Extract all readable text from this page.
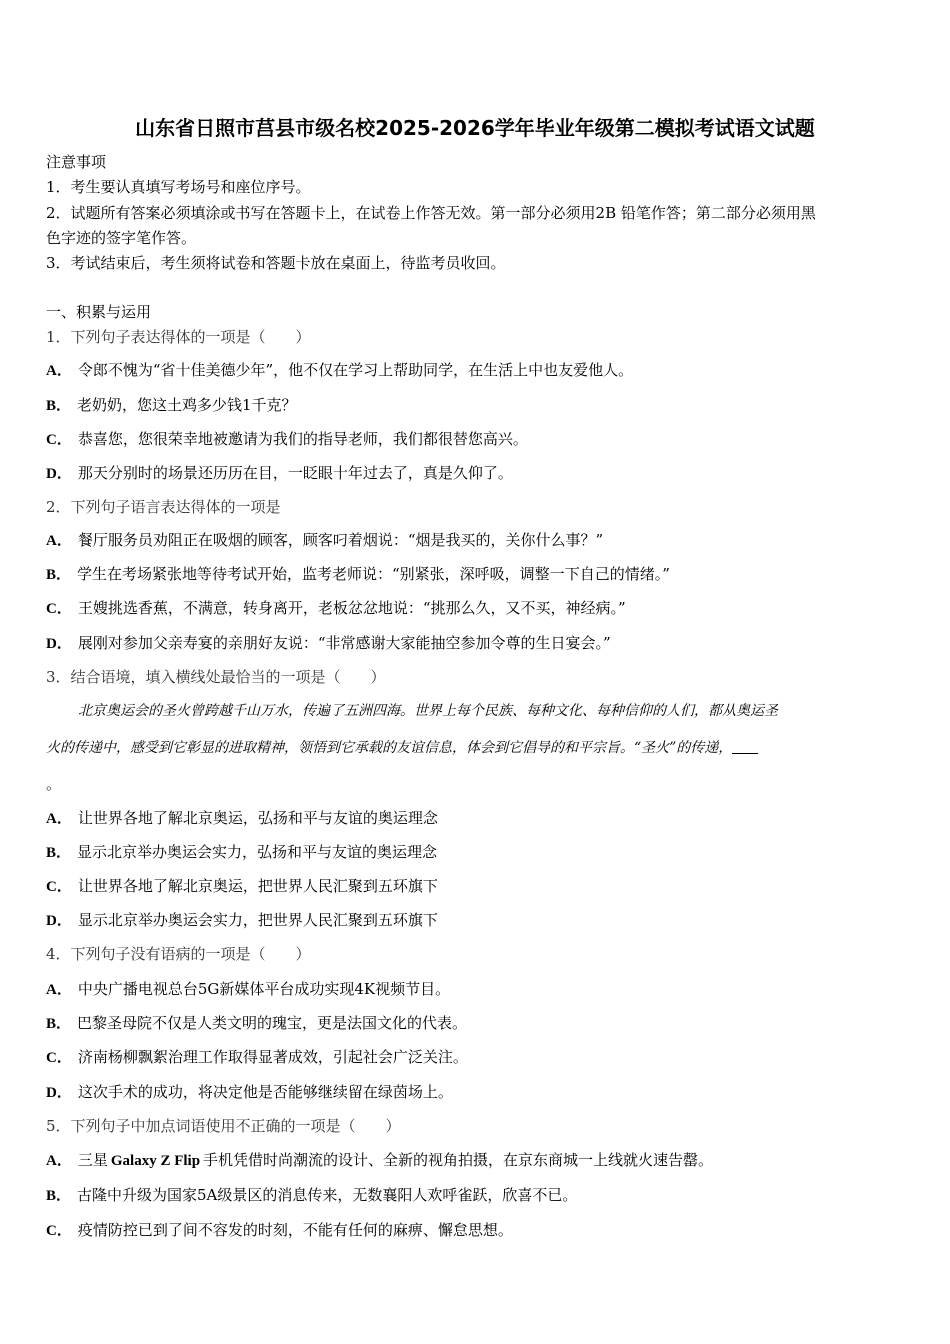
山东省日照市莒县市级名校2025-2026学年毕业年级第二模拟考试语文试题
注意事项
1．考生要认真填写考场号和座位序号。
2．试题所有答案必须填涂或书写在答题卡上，在试卷上作答无效。第一部分必须用2B 铅笔作答；第二部分必须用黑
色字迹的签字笔作答。
3．考试结束后，考生须将试卷和答题卡放在桌面上，待监考员收回。
一、积累与运用
1．下列句子表达得体的一项是（　　）
A． 令郎不愧为“省十佳美德少年”，他不仅在学习上帮助同学，在生活上中也友爱他人。
B． 老奶奶，您这土鸡多少钱1千克？
C． 恭喜您，您很荣幸地被邀请为我们的指导老师，我们都很替您高兴。
D． 那天分别时的场景还历历在目，一眨眼十年过去了，真是久仰了。
2．下列句子语言表达得体的一项是
A． 餐厅服务员劝阻正在吸烟的顾客，顾客叼着烟说：“烟是我买的，关你什么事？”
B． 学生在考场紧张地等待考试开始，监考老师说：“别紧张，深呼吸，调整一下自己的情绪。”
C． 王嫂挑选香蕉，不满意，转身离开，老板忿忿地说：“挑那么久，又不买，神经病。”
D． 展刚对参加父亲寿宴的亲朋好友说：“非常感谢大家能抽空参加令尊的生日宴会。”
3．结合语境，填入横线处最恰当的一项是（　　）
北京奥运会的圣火曾跨越千山万水，传遍了五洲四海。世界上每个民族、每种文化、每种信仰的人们，都从奥运圣
火的传递中，感受到它彰显的进取精神，领悟到它承载的友谊信息，体会到它倡导的和平宗旨。“圣火”的传递，
。
A． 让世界各地了解北京奥运，弘扬和平与友谊的奥运理念
B． 显示北京举办奥运会实力，弘扬和平与友谊的奥运理念
C． 让世界各地了解北京奥运，把世界人民汇聚到五环旗下
D． 显示北京举办奥运会实力，把世界人民汇聚到五环旗下
4．下列句子没有语病的一项是（　　）
A． 中央广播电视总台5G新媒体平台成功实现4K视频节目。
B． 巴黎圣母院不仅是人类文明的瑰宝，更是法国文化的代表。
C． 济南杨柳飘絮治理工作取得显著成效，引起社会广泛关注。
D． 这次手术的成功，将决定他是否能够继续留在绿茵场上。
5．下列句子中加点词语使用不正确的一项是（　　）
A． 三星 Galaxy Z Flip 手机凭借时尚潮流的设计、全新的视角拍摄，在京东商城一上线就火速告罄。
B． 古隆中升级为国家5A级景区的消息传来，无数襄阳人欢呼雀跃，欣喜不已。
C． 疫情防控已到了间不容发的时刻，不能有任何的麻痹、懈怠思想。
